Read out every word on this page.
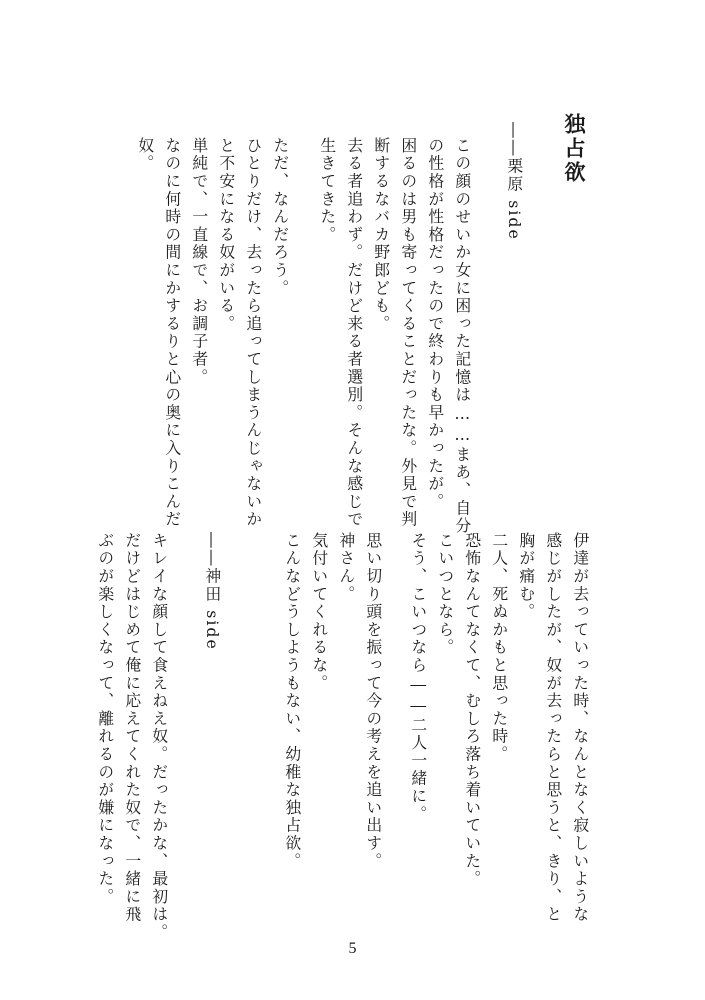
独占欲
――栗原 side
この顔のせいか女に困った記憶は……まあ、自分
の性格が性格だったので終わりも早かったが。
困るのは男も寄ってくることだったな。外見で判
断するなバカ野郎ども。
去る者追わず。だけど来る者選別。そんな感じで
生きてきた。
ただ、なんだろう。
ひとりだけ、去ったら追ってしまうんじゃないか
と不安になる奴がいる。
単純で、一直線で、お調子者。
なのに何時の間にかするりと心の奥に入りこんだ
奴。
伊達が去っていった時、なんとなく寂しいような
感じがしたが、奴が去ったらと思うと、きり、と
胸が痛む。
二人、死ぬかもと思った時。
恐怖なんてなくて、むしろ落ち着いていた。
こいつとなら。
そう、こいつなら――二人一緒に。
思い切り頭を振って今の考えを追い出す。
神さん。
気付いてくれるな。
こんなどうしようもない、幼稚な独占欲。
――神田 side
キレイな顔して食えねえ奴。だったかな、最初は。
だけどはじめて俺に応えてくれた奴で、一緒に飛
ぶのが楽しくなって、離れるのが嫌になった。
5
